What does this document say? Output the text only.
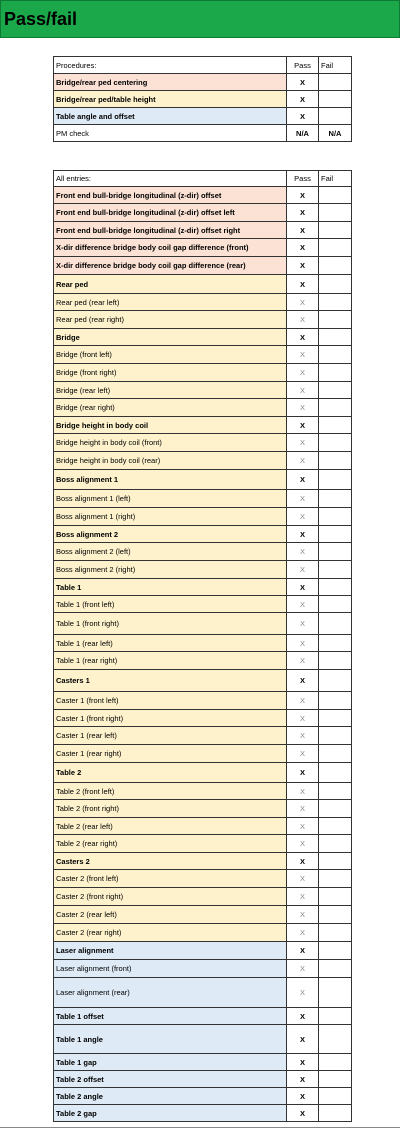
Pass/fail
Procedures:	Pass	Fail
Bridge/rear ped centering	X	
Bridge/rear ped/table height	X	
Table angle and offset	X	
PM check	N/A	N/A
All entries:	Pass	Fail
Front end bull-bridge longitudinal (z-dir) offset	X	
Front end bull-bridge longitudinal (z-dir) offset left	X	
Front end bull-bridge longitudinal (z-dir) offset right	X	
X-dir difference bridge body coil gap difference (front)	X	
X-dir difference bridge body coil gap difference (rear)	X	
Rear ped	X	
Rear ped (rear left)	X	
Rear ped (rear right)	X	
Bridge	X	
Bridge (front left)	X	
Bridge (front right)	X	
Bridge (rear left)	X	
Bridge (rear right)	X	
Bridge height in body coil	X	
Bridge height in body coil (front)	X	
Bridge height in body coil (rear)	X	
Boss alignment 1	X	
Boss alignment 1 (left)	X	
Boss alignment 1 (right)	X	
Boss alignment 2	X	
Boss alignment 2 (left)	X	
Boss alignment 2 (right)	X	
Table 1	X	
Table 1 (front left)	X	
Table 1 (front right)	X	
Table 1 (rear left)	X	
Table 1 (rear right)	X	
Casters 1	X	
Caster 1 (front left)	X	
Caster 1 (front right)	X	
Caster 1 (rear left)	X	
Caster 1 (rear right)	X	
Table 2	X	
Table 2 (front left)	X	
Table 2 (front right)	X	
Table 2 (rear left)	X	
Table 2 (rear right)	X	
Casters 2	X	
Caster 2 (front left)	X	
Caster 2 (front right)	X	
Caster 2 (rear left)	X	
Caster 2 (rear right)	X	
Laser alignment	X	
Laser alignment (front)	X	
Laser alignment (rear)	X	
Table 1 offset	X	
Table 1 angle	X	
Table 1 gap	X	
Table 2 offset	X	
Table 2 angle	X	
Table 2 gap	X	
